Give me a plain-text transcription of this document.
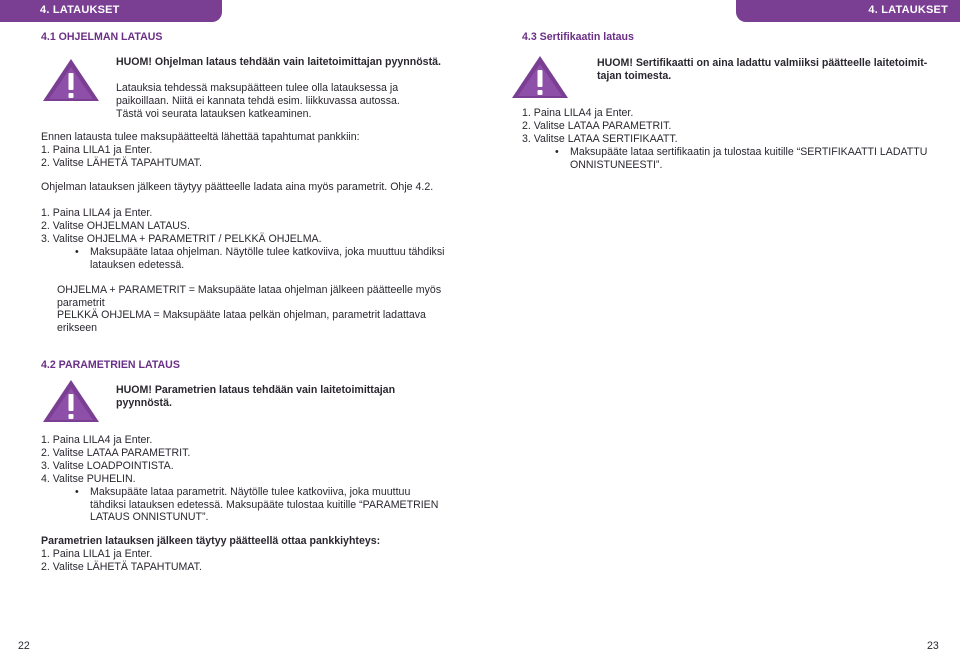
4. LATAUKSET	4. LATAUKSET
4.1 OHJELMAN LATAUS
HUOM! Ohjelman lataus tehdään vain laitetoimittajan pyynnöstä.
Latauksia tehdessä maksupäätteen tulee olla latauksessa ja
paikoillaan. Niitä ei kannata tehdä esim. liikkuvassa autossa.
Tästä voi seurata latauksen katkeaminen.
Ennen latausta tulee maksupäätteeltä lähettää tapahtumat pankkiin:
1. Paina LILA1 ja Enter.
2. Valitse LÄHETÄ TAPAHTUMAT.
Ohjelman latauksen jälkeen täytyy päätteelle ladata aina myös parametrit. Ohje 4.2.
1. Paina LILA4 ja Enter.
2. Valitse OHJELMAN LATAUS.
3. Valitse OHJELMA + PARAMETRIT / PELKKÄ OHJELMA.
• Maksupääte lataa ohjelman. Näytölle tulee katkoviiva, joka muuttuu tähdiksi
latauksen edetessä.
OHJELMA + PARAMETRIT = Maksupääte lataa ohjelman jälkeen päätteelle myös
parametrit
PELKKÄ OHJELMA = Maksupääte lataa pelkän ohjelman, parametrit ladattava
erikseen
4.2 PARAMETRIEN LATAUS
HUOM! Parametrien lataus tehdään vain laitetoimittajan
pyynnöstä.
1. Paina LILA4 ja Enter.
2. Valitse LATAA PARAMETRIT.
3. Valitse LOADPOINTISTA.
4. Valitse PUHELIN.
• Maksupääte lataa parametrit. Näytölle tulee katkoviiva, joka muuttuu
tähdiksi latauksen edetessä. Maksupääte tulostaa kuitille “PARAMETRIEN
LATAUS ONNISTUNUT”.
Parametrien latauksen jälkeen täytyy päätteellä ottaa pankkiyhteys:
1. Paina LILA1 ja Enter.
2. Valitse LÄHETÄ TAPAHTUMAT.
22
4.3 Sertifikaatin lataus
HUOM! Sertifikaatti on aina ladattu valmiiksi päätteelle laitetoimit-
tajan toimesta.
1. Paina LILA4 ja Enter.
2. Valitse LATAA PARAMETRIT.
3. Valitse LATAA SERTIFIKAATT.
• Maksupääte lataa sertifikaatin ja tulostaa kuitille “SERTIFIKAATTI LADATTU
ONNISTUNEESTI”.
23
